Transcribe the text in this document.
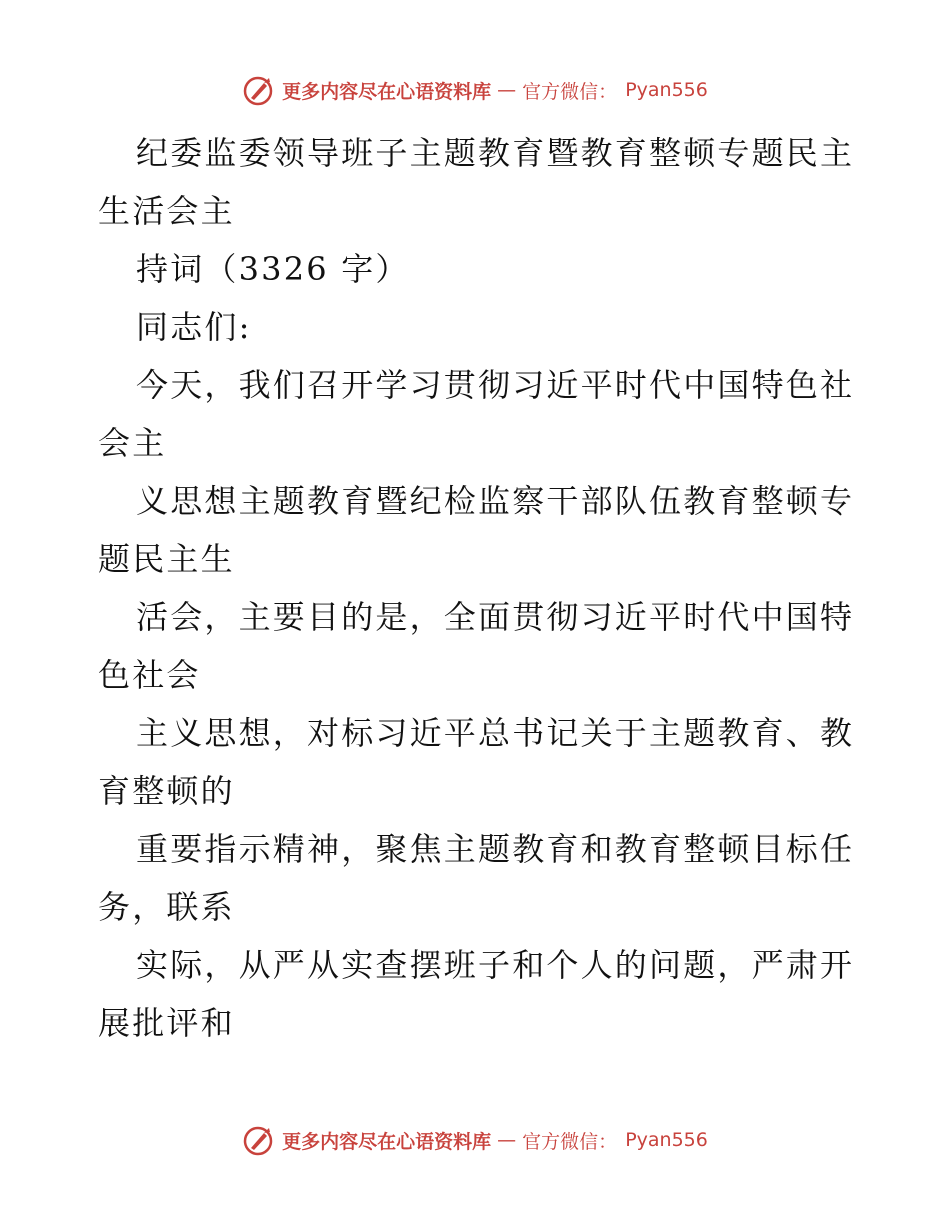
更多内容尽在心语资料库 — 官方微信： Pyan556
纪委监委领导班子主题教育暨教育整顿专题民主
生活会主
持词（3326 字）
同志们:
今天，我们召开学习贯彻习近平时代中国特色社
会主
义思想主题教育暨纪检监察干部队伍教育整顿专
题民主生
活会，主要目的是，全面贯彻习近平时代中国特
色社会
主义思想，对标习近平总书记关于主题教育、教
育整顿的
重要指示精神，聚焦主题教育和教育整顿目标任
务，联系
实际，从严从实查摆班子和个人的问题，严肃开
展批评和
更多内容尽在心语资料库 — 官方微信： Pyan556
